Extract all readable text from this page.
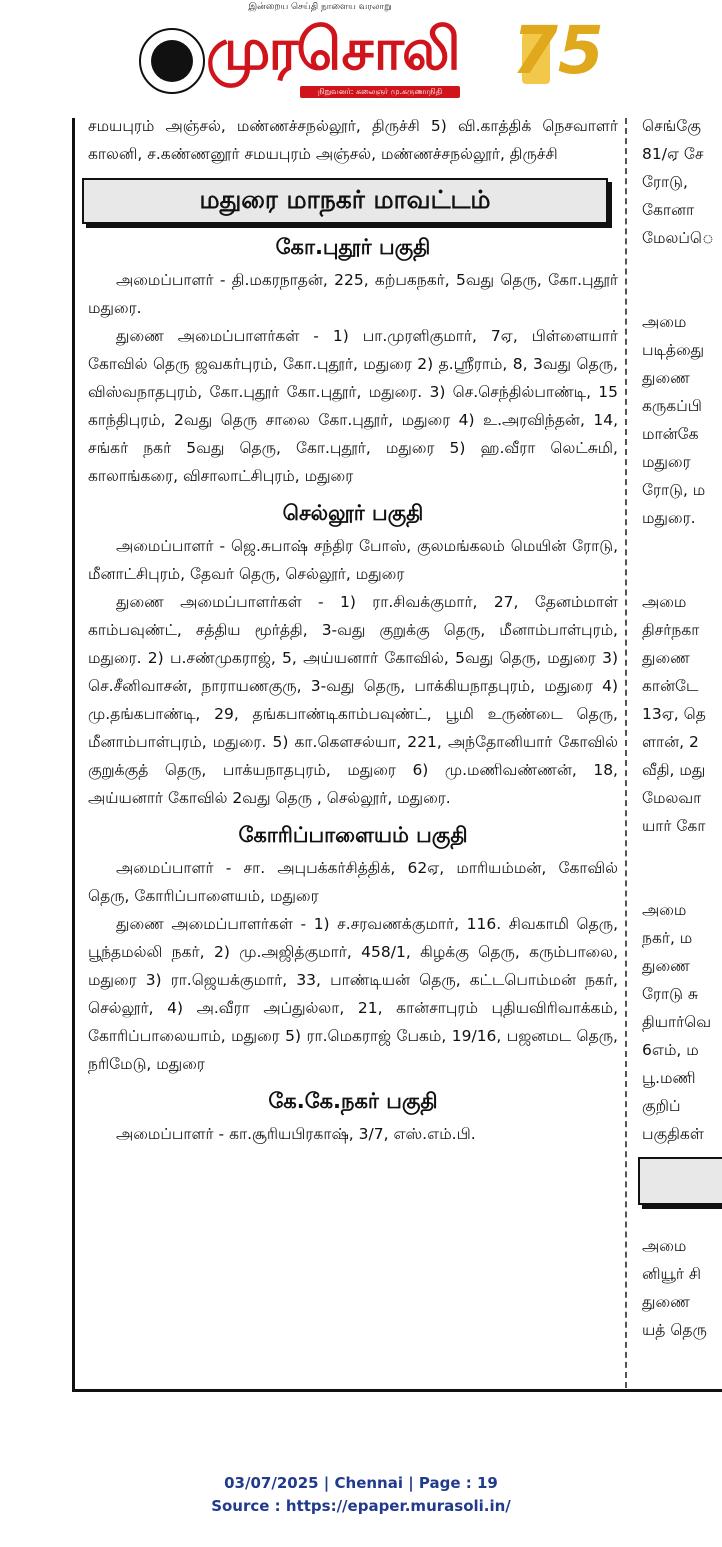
இன்றைய செய்தி நாளைய வரலாறு
முரசொலி
நிறுவனர்: கலைஞர் மு.கருணாநிதி
75

சமயபுரம் அஞ்சல், மண்ணச்சநல்லூர், திருச்சி 5) வி.காத்திக் நெசவாளர் காலனி, ச.கண்ணனூர் சமயபுரம் அஞ்சல், மண்ணச்சநல்லூர், திருச்சி

மதுரை மாநகர் மாவட்டம்
கோ.புதூர் பகுதி

அமைப்பாளர் - தி.மகரநாதன், 225, கற்பகநகர், 5வது தெரு, கோ.புதூர் மதுரை.

துணை அமைப்பாளர்கள் - 1) பா.முரளிகுமார், 7ஏ, பிள்ளையார் கோவில் தெரு ஜவகர்புரம், கோ.புதூர், மதுரை 2) த.ஸ்ரீராம், 8, 3வது தெரு, விஸ்வநாதபுரம், கோ.புதூர் கோ.புதூர், மதுரை. 3) செ.செந்தில்பாண்டி, 15 காந்திபுரம், 2வது தெரு சாலை கோ.புதூர், மதுரை 4) உ.அரவிந்தன், 14, சங்கர் நகர் 5வது தெரு, கோ.புதூர், மதுரை 5) ஹ.வீரா லெட்சுமி, காலாங்கரை, விசாலாட்சிபுரம், மதுரை

செல்லூர் பகுதி

அமைப்பாளர் - ஜெ.சுபாஷ் சந்திர போஸ், குலமங்கலம் மெயின் ரோடு, மீனாட்சிபுரம், தேவர் தெரு, செல்லூர், மதுரை

துணை அமைப்பாளர்கள் - 1) ரா.சிவக்குமார், 27, தேனம்மாள் காம்பவுண்ட், சத்திய மூர்த்தி, 3-வது குறுக்கு தெரு, மீனாம்பாள்புரம், மதுரை. 2) ப.சண்முகராஜ், 5, அய்யனார் கோவில், 5வது தெரு, மதுரை 3) செ.சீனிவாசன், நாராயணகுரு, 3-வது தெரு, பாக்கியநாதபுரம், மதுரை 4) மு.தங்கபாண்டி, 29, தங்கபாண்டிகாம்பவுண்ட், பூமி உருண்டை தெரு, மீனாம்பாள்புரம், மதுரை. 5) கா.கௌசல்யா, 221, அந்தோனியார் கோவில் குறுக்குத் தெரு, பாக்யநாதபுரம், மதுரை 6) மு.மணிவண்ணன், 18, அய்யனார் கோவில் 2வது தெரு , செல்லூர், மதுரை.

கோரிப்பாளையம் பகுதி

அமைப்பாளர் - சா. அபுபக்கர்சித்திக், 62ஏ, மாரியம்மன், கோவில் தெரு, கோரிப்பாளையம், மதுரை

துணை அமைப்பாளர்கள் - 1) ச.சரவணக்குமார், 116. சிவகாமி தெரு, பூந்தமல்லி நகர், 2) மு.அஜித்குமார், 458/1, கிழக்கு தெரு, கரும்பாலை, மதுரை 3) ரா.ஜெயக்குமார், 33, பாண்டியன் தெரு, கட்டபொம்மன் நகர், செல்லூர், 4) அ.வீரா அப்துல்லா, 21, கான்சாபுரம் புதியவிரிவாக்கம், கோரிப்பாலையாம், மதுரை 5) ரா.மெகராஜ் பேகம், 19/16, பஜனமட தெரு, நரிமேடு, மதுரை

கே.கே.நகர் பகுதி

அமைப்பாளர் - கா.சூரியபிரகாஷ், 3/7, எஸ்.எம்.பி.

செங்குே
81/ஏ சே
ரோடு,
கோனா
மேலப்ெ
அமை
படித்துை
துணை
கருகப்பி
மான்கே
மதுரை
ரோடு, ம
மதுரை.
அமை
திசர்நகா
துணை
கான்டே
13ஏ, தெ
ளான், 2
வீதி, மது
மேலவா
யார் கோ
அமை
நகர், ம
துணை
ரோடு சு
தியார்வெ
6எம், ம
பூ.மணி
குறிப்
பகுதிகள்
அமை
னியூர் சி
துணை
யத் தெரு
03/07/2025 | Chennai | Page : 19
Source : https://epaper.murasoli.in/
